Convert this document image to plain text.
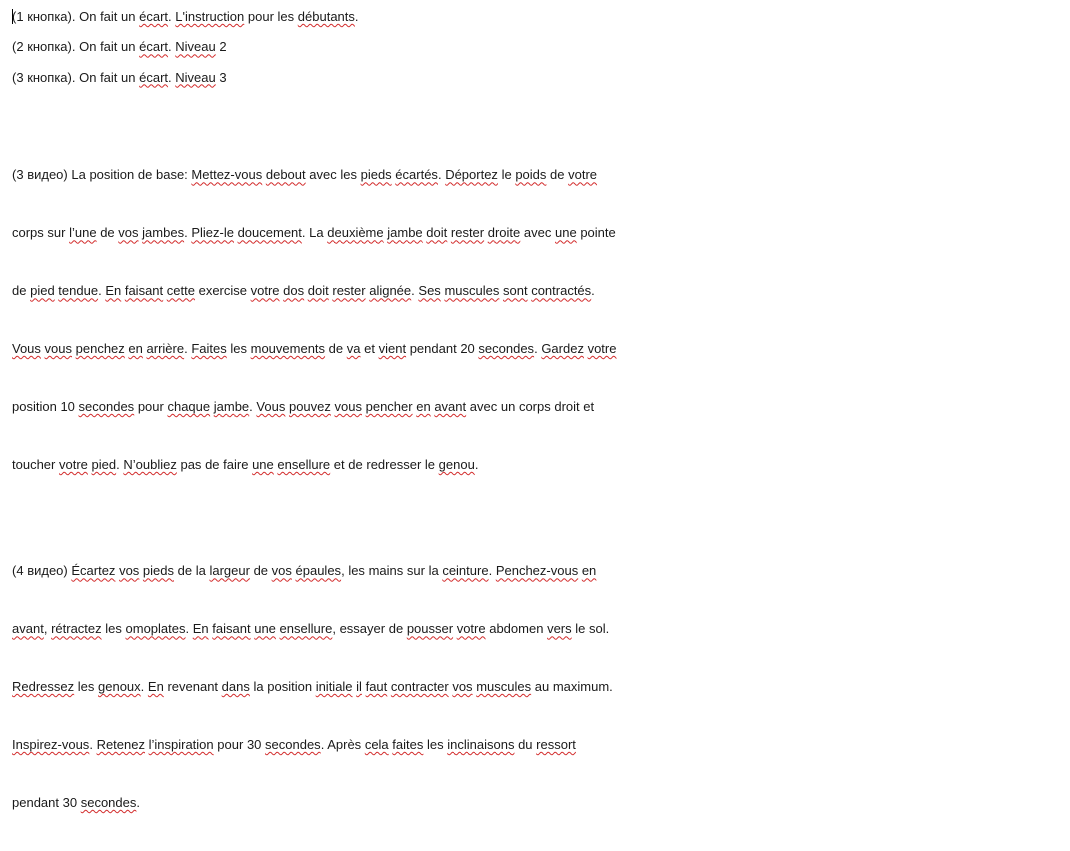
(1 кнопка). On fait un écart. L'instruction pour les débutants.

(2 кнопка). On fait un écart. Niveau 2

(3 кнопка). On fait un écart. Niveau 3

(3 видео) La position de base: Mettez-vous debout avec les pieds écartés. Déportez le poids de votre

corps sur l’une de vos jambes. Pliez-le doucement. La deuxième jambe doit rester droite avec une pointe

de pied tendue. En faisant cette exercise votre dos doit rester alignée. Ses muscules sont contractés.

Vous vous penchez en arrière. Faites les mouvements de va et vient pendant 20 secondes. Gardez votre

position 10 secondes pour chaque jambe. Vous pouvez vous pencher en avant avec un corps droit et

toucher votre pied. N’oubliez pas de faire une ensellure et de redresser le genou.

(4 видео) Écartez vos pieds de la largeur de vos épaules, les mains sur la ceinture. Penchez-vous en

avant, rétractez les omoplates. En faisant une ensellure, essayer de pousser votre abdomen vers le sol.

Redressez les genoux. En revenant dans la position initiale il faut contracter vos muscules au maximum.

Inspirez-vous. Retenez l’inspiration pour 30 secondes. Après cela faites les inclinaisons du ressort

pendant 30 secondes.
